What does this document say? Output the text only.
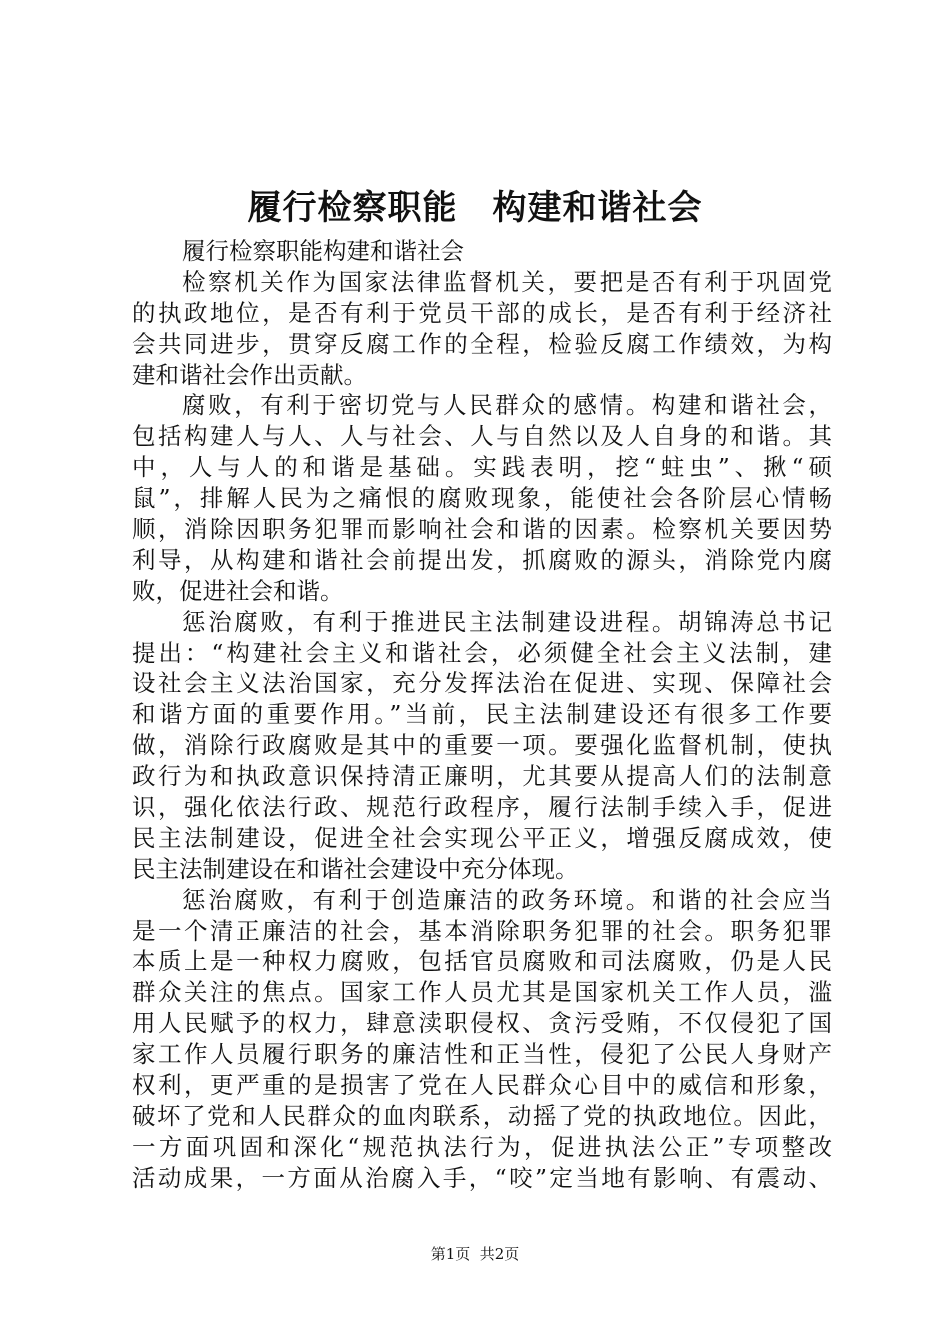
履行检察职能　构建和谐社会
履行检察职能构建和谐社会
检察机关作为国家法律监督机关，要把是否有利于巩固党
的执政地位，是否有利于党员干部的成长，是否有利于经济社
会共同进步，贯穿反腐工作的全程，检验反腐工作绩效，为构
建和谐社会作出贡献。
腐败，有利于密切党与人民群众的感情。构建和谐社会，
包括构建人与人、人与社会、人与自然以及人自身的和谐。其
中，人与人的和谐是基础。实践表明，挖“蛀虫”、揪“硕
鼠”，排解人民为之痛恨的腐败现象，能使社会各阶层心情畅
顺，消除因职务犯罪而影响社会和谐的因素。检察机关要因势
利导，从构建和谐社会前提出发，抓腐败的源头，消除党内腐
败，促进社会和谐。
惩治腐败，有利于推进民主法制建设进程。胡锦涛总书记
提出：“构建社会主义和谐社会，必须健全社会主义法制，建
设社会主义法治国家，充分发挥法治在促进、实现、保障社会
和谐方面的重要作用。”当前，民主法制建设还有很多工作要
做，消除行政腐败是其中的重要一项。要强化监督机制，使执
政行为和执政意识保持清正廉明，尤其要从提高人们的法制意
识，强化依法行政、规范行政程序，履行法制手续入手，促进
民主法制建设，促进全社会实现公平正义，增强反腐成效，使
民主法制建设在和谐社会建设中充分体现。
惩治腐败，有利于创造廉洁的政务环境。和谐的社会应当
是一个清正廉洁的社会，基本消除职务犯罪的社会。职务犯罪
本质上是一种权力腐败，包括官员腐败和司法腐败，仍是人民
群众关注的焦点。国家工作人员尤其是国家机关工作人员，滥
用人民赋予的权力，肆意渎职侵权、贪污受贿，不仅侵犯了国
家工作人员履行职务的廉洁性和正当性，侵犯了公民人身财产
权利，更严重的是损害了党在人民群众心目中的威信和形象，
破坏了党和人民群众的血肉联系，动摇了党的执政地位。因此，
一方面巩固和深化“规范执法行为，促进执法公正”专项整改
活动成果，一方面从治腐入手，“咬”定当地有影响、有震动、
第1页  共2页
